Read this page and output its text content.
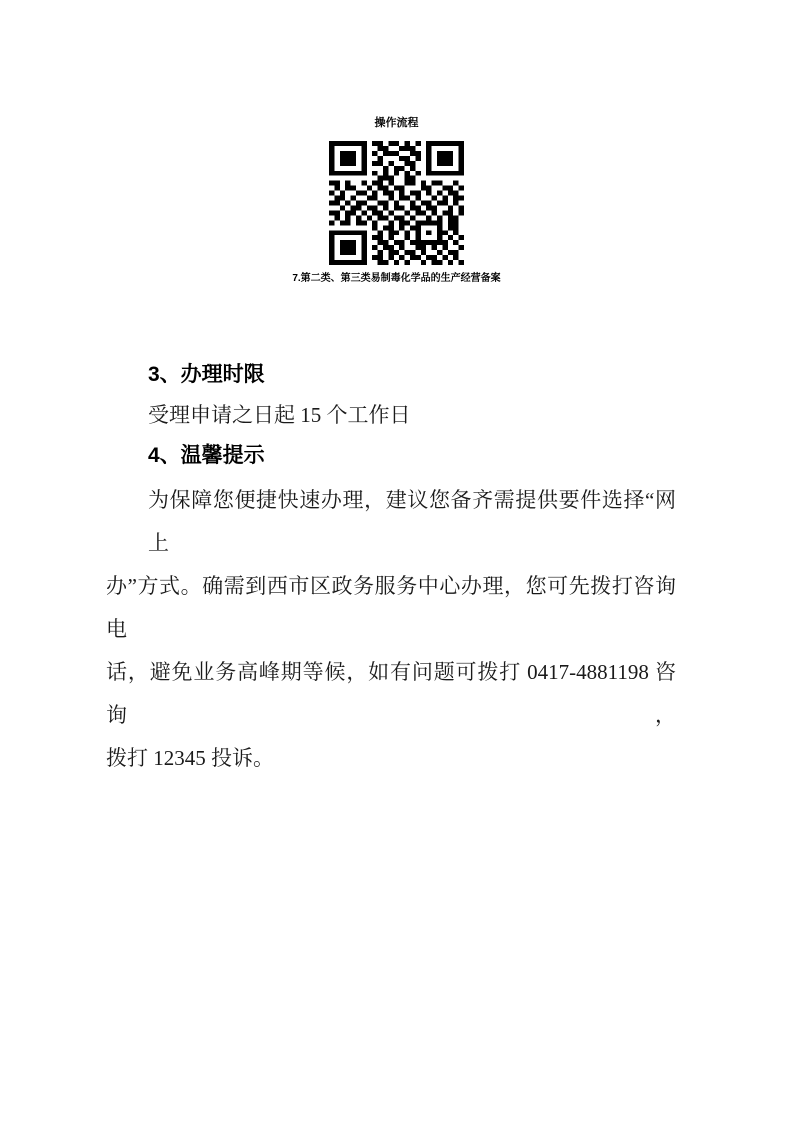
操作流程
7.第二类、第三类易制毒化学品的生产经营备案
3、办理时限
受理申请之日起 15 个工作日
4、温馨提示
为保障您便捷快速办理，建议您备齐需提供要件选择“网上
办”方式。确需到西市区政务服务中心办理，您可先拨打咨询电
话，避免业务高峰期等候，如有问题可拨打 0417-4881198 咨询，
拨打 12345 投诉。
